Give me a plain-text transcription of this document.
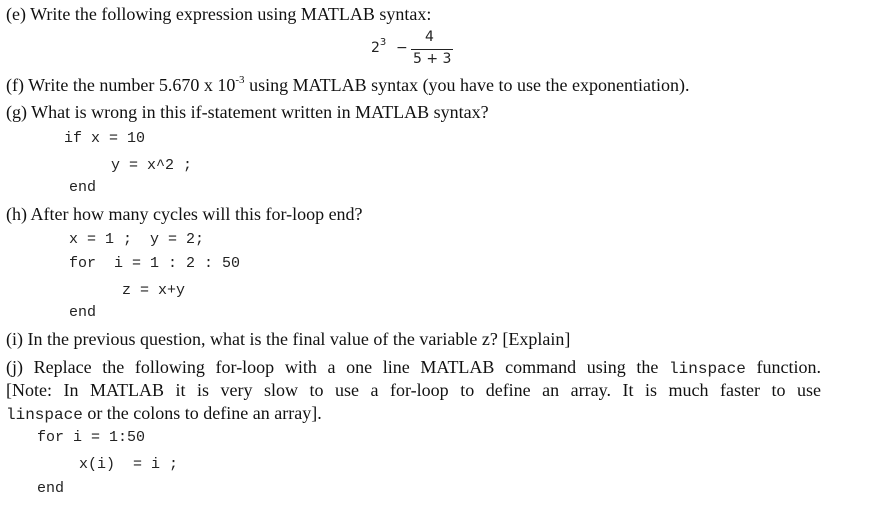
(e) Write the following expression using MATLAB syntax:
$2^3$ −
4
5 + 3
(f) Write the number 5.670 x $10^{-3}$ using MATLAB syntax (you have to use the exponentiation).
(g) What is wrong in this if-statement written in MATLAB syntax?
if x = 10
y = x^2 ;
end
(h) After how many cycles will this for-loop end?
x = 1 ;  y = 2;
for  i = 1 : 2 : 50
z = x+y
end
(i) In the previous question, what is the final value of the variable z? [Explain]
(j) Replace the following for-loop with a one line MATLAB command using the linspace function.
[Note: In MATLAB it is very slow to use a for-loop to define an array. It is much faster to use
linspace or the colons to define an array].
for i = 1:50
x(i)  = i ;
end
